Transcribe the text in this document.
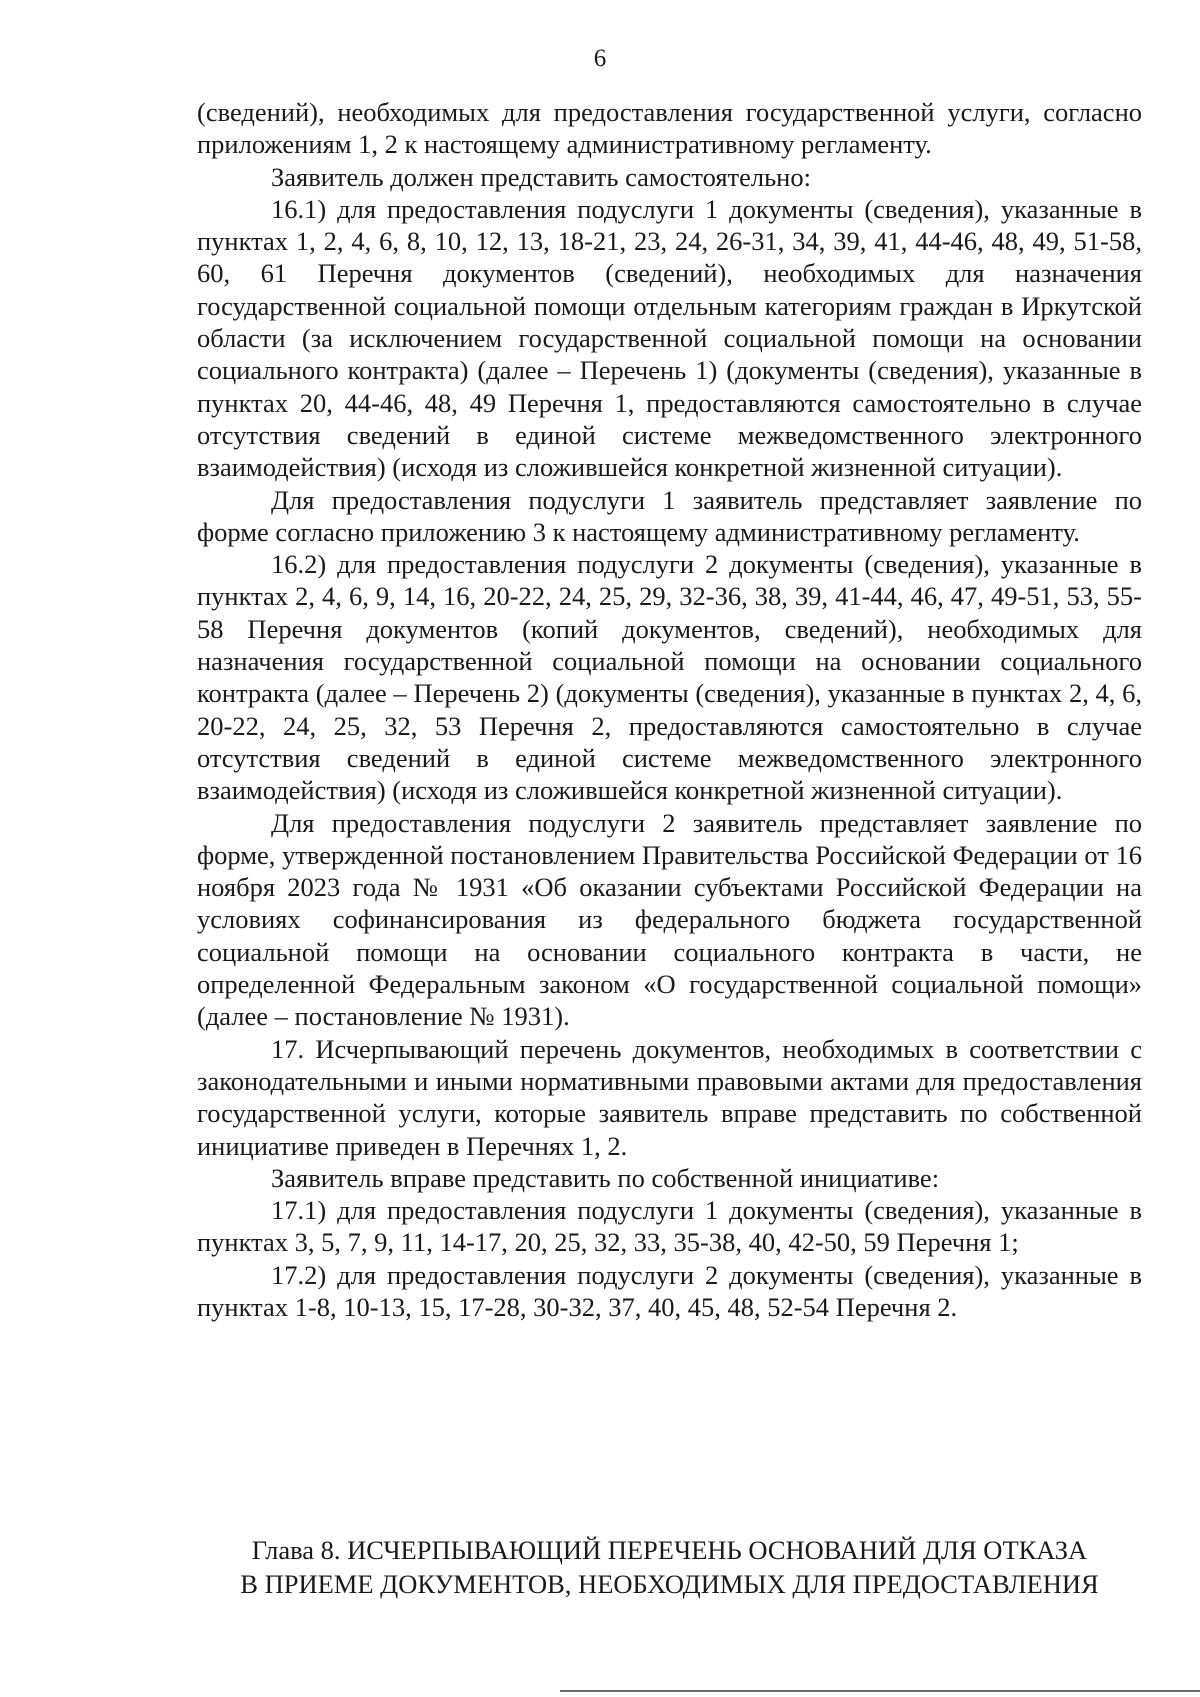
6

(сведений), необходимых для предоставления государственной услуги, согласно приложениям 1, 2 к настоящему административному регламенту.

Заявитель должен представить самостоятельно:

16.1) для предоставления подуслуги 1 документы (сведения), указанные в пунктах 1, 2, 4, 6, 8, 10, 12, 13, 18-21, 23, 24, 26-31, 34, 39, 41, 44-46, 48, 49, 51-58, 60, 61 Перечня документов (сведений), необходимых для назначения государственной социальной помощи отдельным категориям граждан в Иркутской области (за исключением государственной социальной помощи на основании социального контракта) (далее – Перечень 1) (документы (сведения), указанные в пунктах 20, 44-46, 48, 49 Перечня 1, предоставляются самостоятельно в случае отсутствия сведений в единой системе межведомственного электронного взаимодействия) (исходя из сложившейся конкретной жизненной ситуации).

Для предоставления подуслуги 1 заявитель представляет заявление по форме согласно приложению 3 к настоящему административному регламенту.

16.2) для предоставления подуслуги 2 документы (сведения), указанные в пунктах 2, 4, 6, 9, 14, 16, 20-22, 24, 25, 29, 32-36, 38, 39, 41-44, 46, 47, 49-51, 53, 55-58 Перечня документов (копий документов, сведений), необходимых для назначения государственной социальной помощи на основании социального контракта (далее – Перечень 2) (документы (сведения), указанные в пунктах 2, 4, 6, 20-22, 24, 25, 32, 53 Перечня 2, предоставляются самостоятельно в случае отсутствия сведений в единой системе межведомственного электронного взаимодействия) (исходя из сложившейся конкретной жизненной ситуации).

Для предоставления подуслуги 2 заявитель представляет заявление по форме, утвержденной постановлением Правительства Российской Федерации от 16 ноября 2023 года № 1931 «Об оказании субъектами Российской Федерации на условиях софинансирования из федерального бюджета государственной социальной помощи на основании социального контракта в части, не определенной Федеральным законом «О государственной социальной помощи» (далее – постановление № 1931).

17. Исчерпывающий перечень документов, необходимых в соответствии с законодательными и иными нормативными правовыми актами для предоставления государственной услуги, которые заявитель вправе представить по собственной инициативе приведен в Перечнях 1, 2.

Заявитель вправе представить по собственной инициативе:

17.1) для предоставления подуслуги 1 документы (сведения), указанные в пунктах 3, 5, 7, 9, 11, 14-17, 20, 25, 32, 33, 35-38, 40, 42-50, 59 Перечня 1;

17.2) для предоставления подуслуги 2 документы (сведения), указанные в пунктах 1-8, 10-13, 15, 17-28, 30-32, 37, 40, 45, 48, 52-54 Перечня 2.

Глава 8. ИСЧЕРПЫВАЮЩИЙ ПЕРЕЧЕНЬ ОСНОВАНИЙ ДЛЯ ОТКАЗА

В ПРИЕМЕ ДОКУМЕНТОВ, НЕОБХОДИМЫХ ДЛЯ ПРЕДОСТАВЛЕНИЯ
